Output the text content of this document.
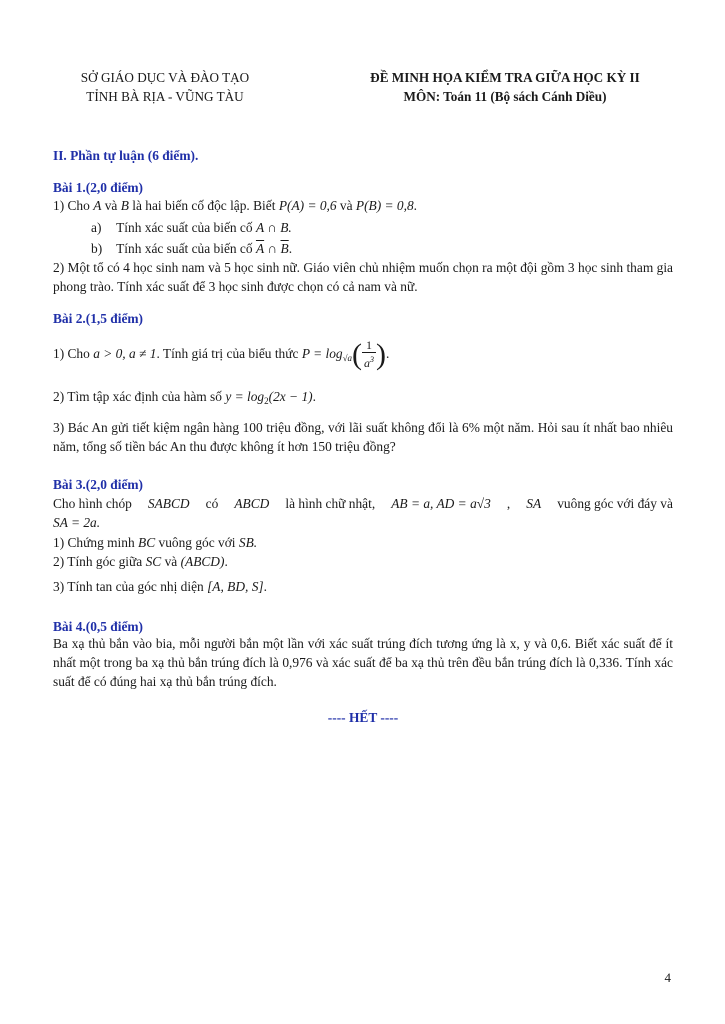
SỞ GIÁO DỤC VÀ ĐÀO TẠO
TỈNH BÀ RỊA - VŨNG TÀU
ĐỀ MINH HỌA KIỂM TRA GIỮA HỌC KỲ II
MÔN: Toán 11 (Bộ sách Cánh Diều)
II. Phần tự luận (6 điểm).
Bài 1.(2,0 điểm)
1) Cho A và B là hai biến cố độc lập. Biết P(A) = 0,6 và P(B) = 0,8.
a) Tính xác suất của biến cố A ∩ B.
b) Tính xác suất của biến cố $\overline{A}$ ∩ $\overline{B}$.
2) Một tổ có 4 học sinh nam và 5 học sinh nữ. Giáo viên chủ nhiệm muốn chọn ra một đội gồm 3 học sinh tham gia phong trào. Tính xác suất để 3 học sinh được chọn có cả nam và nữ.
Bài 2.(1,5 điểm)
1) Cho a > 0, a ≠ 1. Tính giá trị của biểu thức $P = \log_{√a}( \frac{1}{a^3}$ ).
2) Tìm tập xác định của hàm số $y = \log_2(2x - 1)$.
3) Bác An gửi tiết kiệm ngân hàng 100 triệu đồng, với lãi suất không đổi là 6% một năm. Hỏi sau ít nhất bao nhiêu năm, tổng số tiền bác An thu được không ít hơn 150 triệu đồng?
Bài 3.(2,0 điểm)
Cho hình chóp SABCD có ABCD là hình chữ nhật, AB = a, AD = a√3 , SA vuông góc với đáy và
SA = 2a.
1) Chứng minh BC vuông góc với SB.
2) Tính góc giữa SC và (ABCD).
3) Tính tan của góc nhị diện [A, BD, S].
Bài 4.(0,5 điểm)
Ba xạ thủ bắn vào bia, mỗi người bắn một lần với xác suất trúng đích tương ứng là x, y và 0,6. Biết xác suất để ít nhất một trong ba xạ thủ bắn trúng đích là 0,976 và xác suất để ba xạ thủ trên đều bắn trúng đích là 0,336. Tính xác suất để có đúng hai xạ thủ bắn trúng đích.
---- HẾT ----
4
